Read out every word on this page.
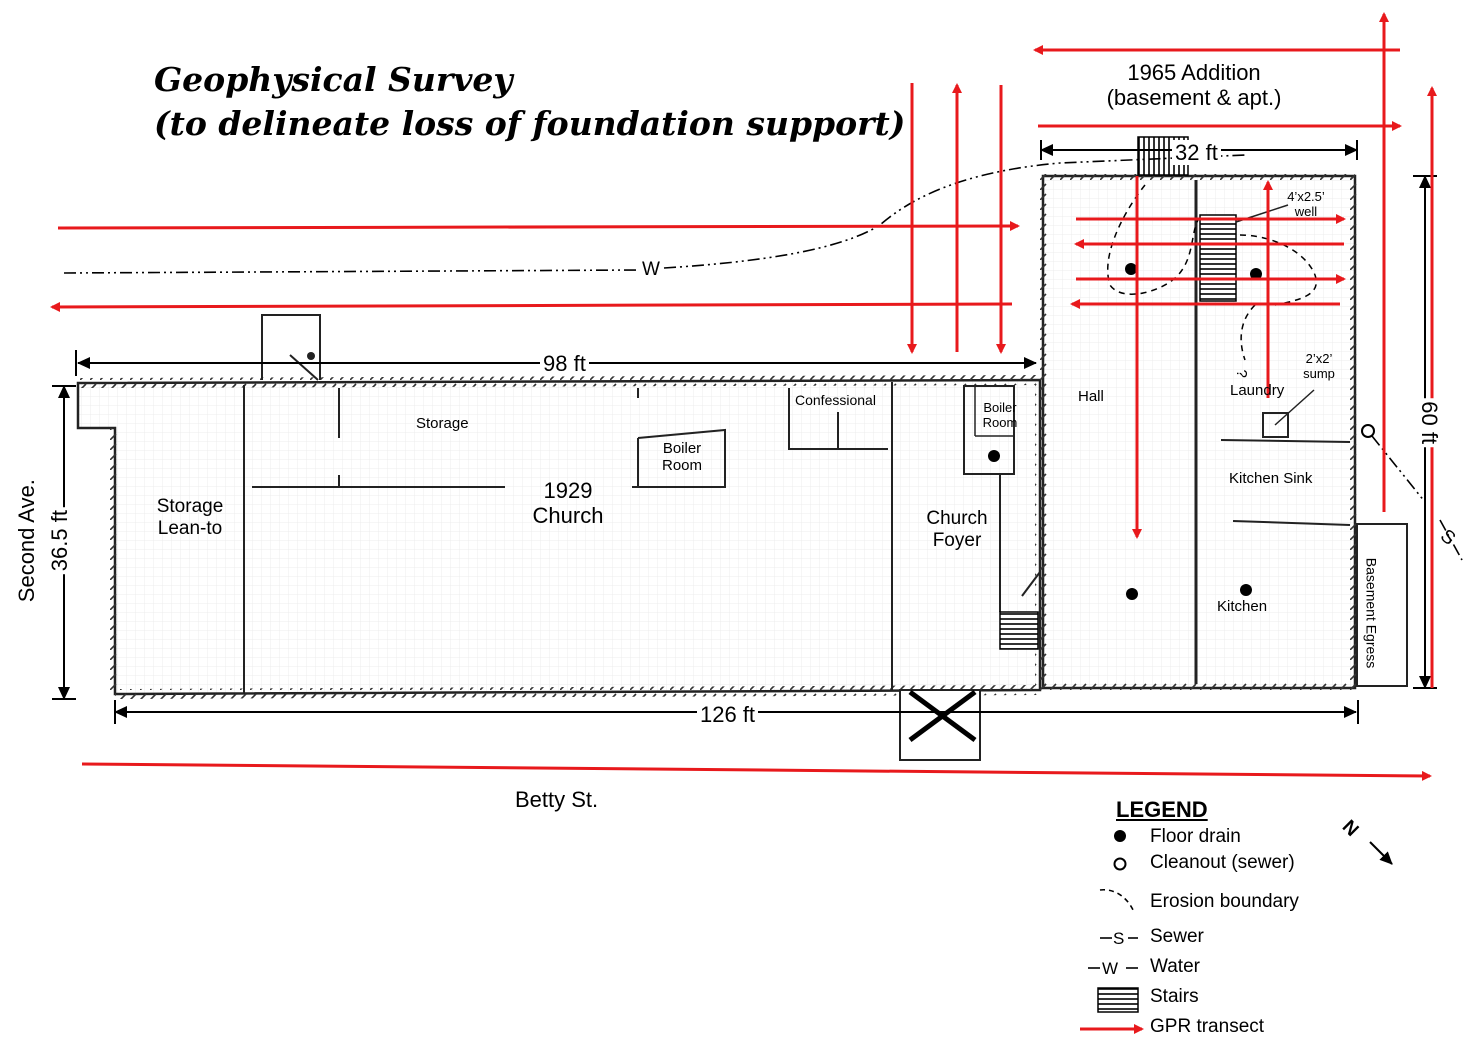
Geophysical Survey
(to delineate loss of foundation support)
98 ft
126 ft
36.5 ft
32 ft
60 ft
Second Ave.
Betty St.
Storage
Lean-to
Storage
1929
Church
Boiler
Room
Confessional	Boiler
Room
Church
Foyer
1965 Addition
(basement & apt.)
Hall	Laundry
Kitchen Sink
Kitchen	Basement Egress
4’x2.5’
well
2’x2’
sump
W
S
?
N
LEGEND
Floor drain
Cleanout (sewer)
Erosion boundary
S Sewer
W Water
Stairs
GPR transect
